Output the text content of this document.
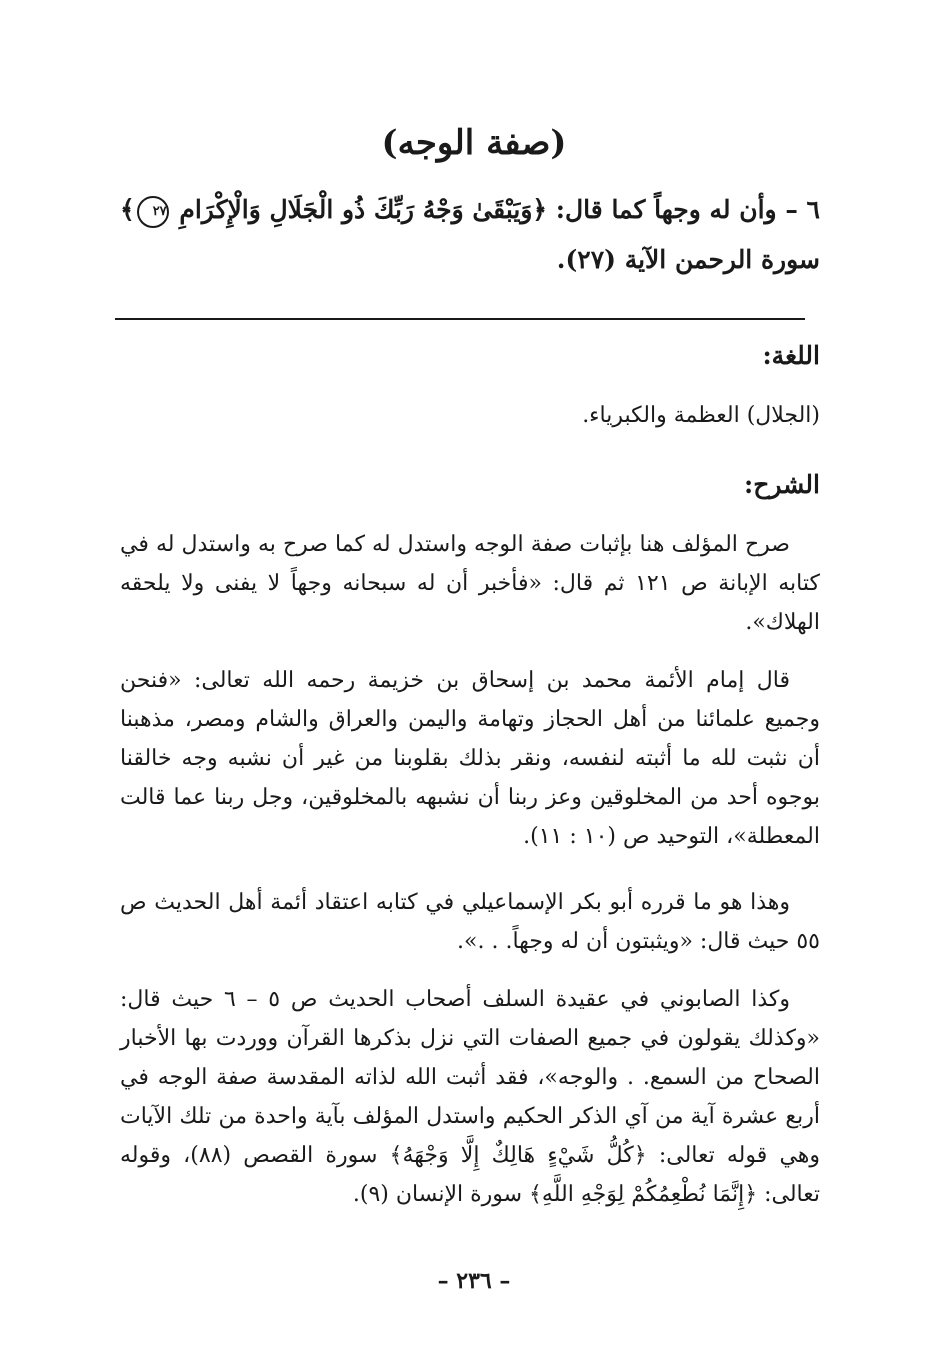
(صفة الوجه)

٦ – وأن له وجهاً كما قال: ﴿وَيَبْقَىٰ وَجْهُ رَبِّكَ ذُو الْجَلَالِ وَالْإِكْرَامِ ٢٧﴾ سورة الرحمن الآية (٢٧).

اللغة:

(الجلال) العظمة والكبرياء.

الشرح:

صرح المؤلف هنا بإثبات صفة الوجه واستدل له كما صرح به واستدل له في كتابه الإبانة ص ١٢١ ثم قال: «فأخبر أن له سبحانه وجهاً لا يفنى ولا يلحقه الهلاك».

قال إمام الأئمة محمد بن إسحاق بن خزيمة رحمه الله تعالى: «فنحن وجميع علمائنا من أهل الحجاز وتهامة واليمن والعراق والشام ومصر، مذهبنا أن نثبت لله ما أثبته لنفسه، ونقر بذلك بقلوبنا من غير أن نشبه وجه خالقنا بوجوه أحد من المخلوقين وعز ربنا أن نشبهه بالمخلوقين، وجل ربنا عما قالت المعطلة»، التوحيد ص (١٠ : ١١).

وهذا هو ما قرره أبو بكر الإسماعيلي في كتابه اعتقاد أئمة أهل الحديث ص ٥٥ حيث قال: «ويثبتون أن له وجهاً. . .».

وكذا الصابوني في عقيدة السلف أصحاب الحديث ص ٥ – ٦ حيث قال: «وكذلك يقولون في جميع الصفات التي نزل بذكرها القرآن ووردت بها الأخبار الصحاح من السمع. . والوجه»، فقد أثبت الله لذاته المقدسة صفة الوجه في أربع عشرة آية من آي الذكر الحكيم واستدل المؤلف بآية واحدة من تلك الآيات وهي قوله تعالى: ﴿كُلُّ شَيْءٍ هَالِكٌ إِلَّا وَجْهَهُ﴾ سورة القصص (٨٨)، وقوله تعالى: ﴿إِنَّمَا نُطْعِمُكُمْ لِوَجْهِ اللَّهِ﴾ سورة الإنسان (٩).

– ٢٣٦ –
